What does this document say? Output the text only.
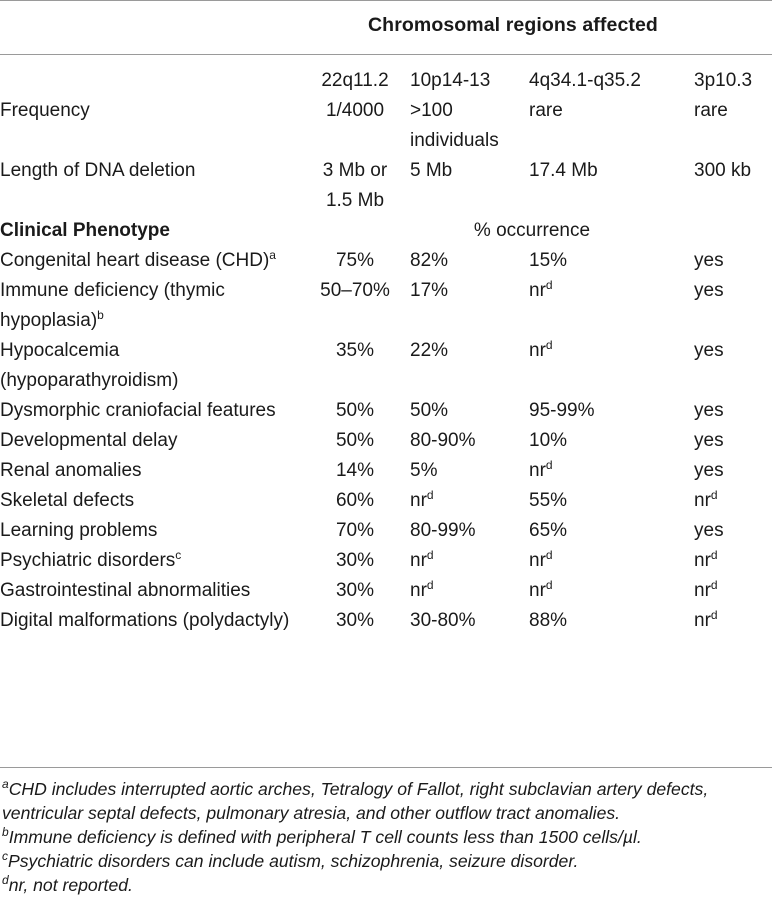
Chromosomal regions affected
	22q11.2	10p14-13	4q34.1-q35.2	3p10.3
Frequency	1/4000	>100 individuals	rare	rare
Length of DNA deletion	3 Mb or 1.5 Mb	5 Mb	17.4 Mb	300 kb
Clinical Phenotype	% occurrence			
Congenital heart disease (CHD)$^a$	75%	82%	15%	yes
Immune deficiency (thymic hypoplasia)$^b$	50–70%	17%	$nr^d$	yes
Hypocalcemia (hypoparathyroidism)	35%	22%	$nr^d$	yes
Dysmorphic craniofacial features	50%	50%	95-99%	yes
Developmental delay	50%	80-90%	10%	yes
Renal anomalies	14%	5%	$nr^d$	yes
Skeletal defects	60%	$nr^d$	55%	$nr^d$
Learning problems	70%	80-99%	65%	yes
Psychiatric disorders$^c$	30%	$nr^d$	$nr^d$	$nr^d$
Gastrointestinal abnormalities	30%	$nr^d$	$nr^d$	$nr^d$
Digital malformations (polydactyly)	30%	30-80%	88%	$nr^d$

$^a$CHD includes interrupted aortic arches, Tetralogy of Fallot, right subclavian artery defects, ventricular septal defects, pulmonary atresia, and other outflow tract anomalies.

$^b$Immune deficiency is defined with peripheral T cell counts less than 1500 cells/µl.

$^c$Psychiatric disorders can include autism, schizophrenia, seizure disorder.

$^d$nr, not reported.
